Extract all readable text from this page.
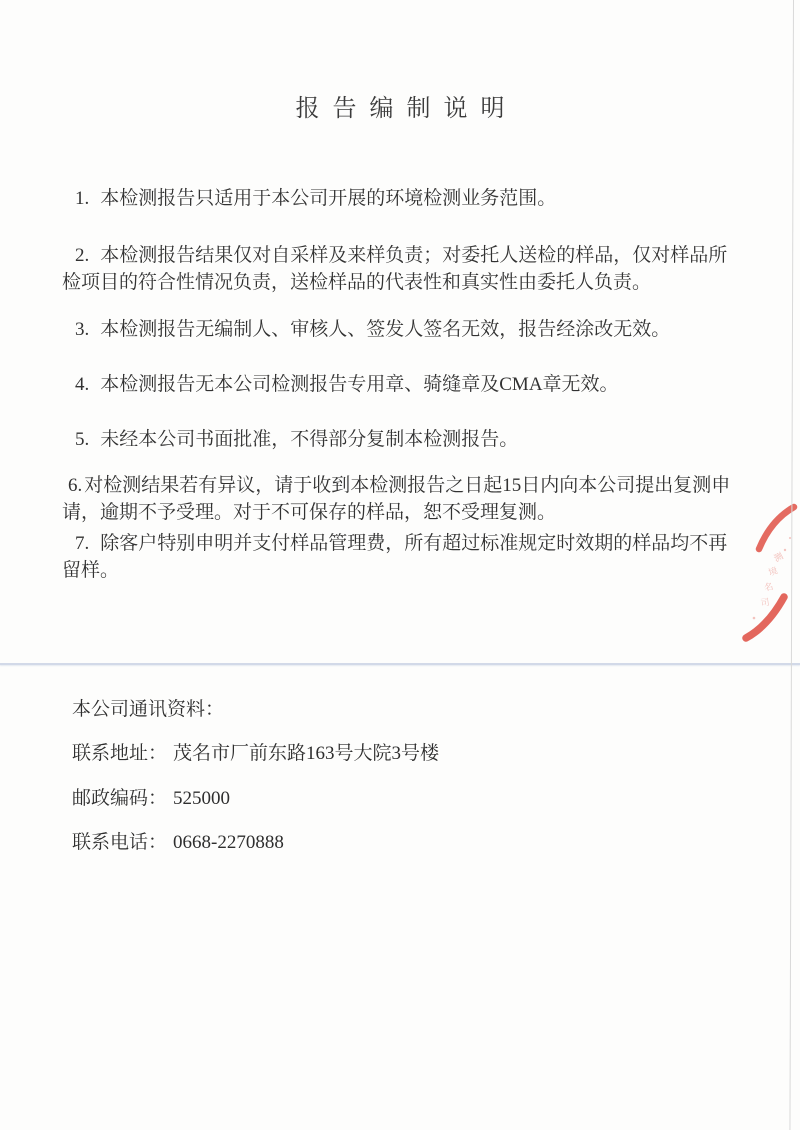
报告编制说明

1. 本检测报告只适用于本公司开展的环境检测业务范围。

2. 本检测报告结果仅对自采样及来样负责；对委托人送检的样品，仅对样品所检项目的符合性情况负责，送检样品的代表性和真实性由委托人负责。

3. 本检测报告无编制人、审核人、签发人签名无效，报告经涂改无效。

4. 本检测报告无本公司检测报告专用章、骑缝章及CMA章无效。

5. 未经本公司书面批准，不得部分复制本检测报告。

6. 对检测结果若有异议，请于收到本检测报告之日起15日内向本公司提出复测申请，逾期不予受理。对于不可保存的样品，恕不受理复测。

7. 除客户特别申明并支付样品管理费，所有超过标准规定时效期的样品均不再留样。

本公司通讯资料：

联系地址： 茂名市厂前东路163号大院3号楼

邮政编码： 525000

联系电话： 0668-2270888

测
境
名
司
